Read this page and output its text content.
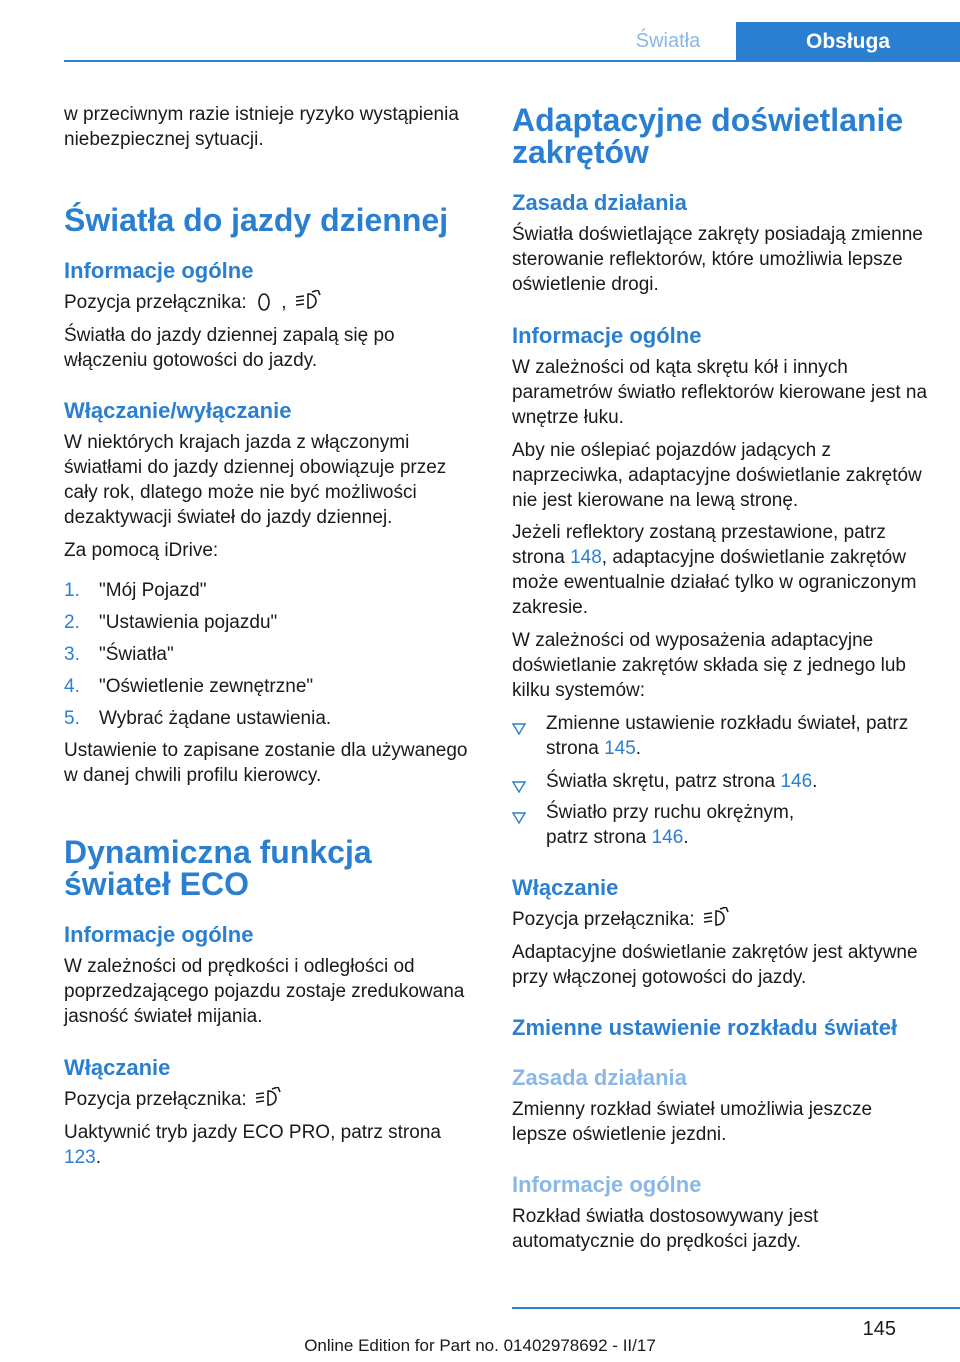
Światła	Obsługa

w przeciwnym razie istnieje ryzyko wystąpienia niebezpiecznej sytuacji.

Światła do jazdy dziennej
Informacje ogólne

Pozycja przełącznika: ,

Światła do jazdy dziennej zapalą się po włączeniu gotowości do jazdy.

Włączanie/wyłączanie

W niektórych krajach jazda z włączonymi światłami do jazdy dziennej obowiązuje przez cały rok, dlatego może nie być możliwości dezaktywacji świateł do jazdy dziennej.

Za pomocą iDrive:

1. "Mój Pojazd"
2. "Ustawienia pojazdu"
3. "Światła"
4. "Oświetlenie zewnętrzne"
5. Wybrać żądane ustawienia.

Ustawienie to zapisane zostanie dla używanego w danej chwili profilu kierowcy.

Dynamiczna funkcja świateł ECO
Informacje ogólne

W zależności od prędkości i odległości od poprzedzającego pojazdu zostaje zredukowana jasność świateł mijania.

Włączanie

Pozycja przełącznika:

Uaktywnić tryb jazdy ECO PRO, patrz strona 123.

Adaptacyjne doświetlanie zakrętów
Zasada działania

Światła doświetlające zakręty posiadają zmienne sterowanie reflektorów, które umożliwia lepsze oświetlenie drogi.

Informacje ogólne

W zależności od kąta skrętu kół i innych parametrów światło reflektorów kierowane jest na wnętrze łuku.

Aby nie oślepiać pojazdów jadących z naprzeciwka, adaptacyjne doświetlanie zakrętów nie jest kierowane na lewą stronę.

Jeżeli reflektory zostaną przestawione, patrz strona 148, adaptacyjne doświetlanie zakrętów może ewentualnie działać tylko w ograniczonym zakresie.

W zależności od wyposażenia adaptacyjne doświetlanie zakrętów składa się z jednego lub kilku systemów:

Zmienne ustawienie rozkładu świateł, patrz strona 145.
Światła skrętu, patrz strona 146.
Światło przy ruchu okrężnym, patrz strona 146.
Włączanie

Pozycja przełącznika:

Adaptacyjne doświetlanie zakrętów jest aktywne przy włączonej gotowości do jazdy.

Zmienne ustawienie rozkładu świateł
Zasada działania

Zmienny rozkład świateł umożliwia jeszcze lepsze oświetlenie jezdni.

Informacje ogólne

Rozkład światła dostosowywany jest automatycznie do prędkości jazdy.

145
Online Edition for Part no. 01402978692 - II/17
